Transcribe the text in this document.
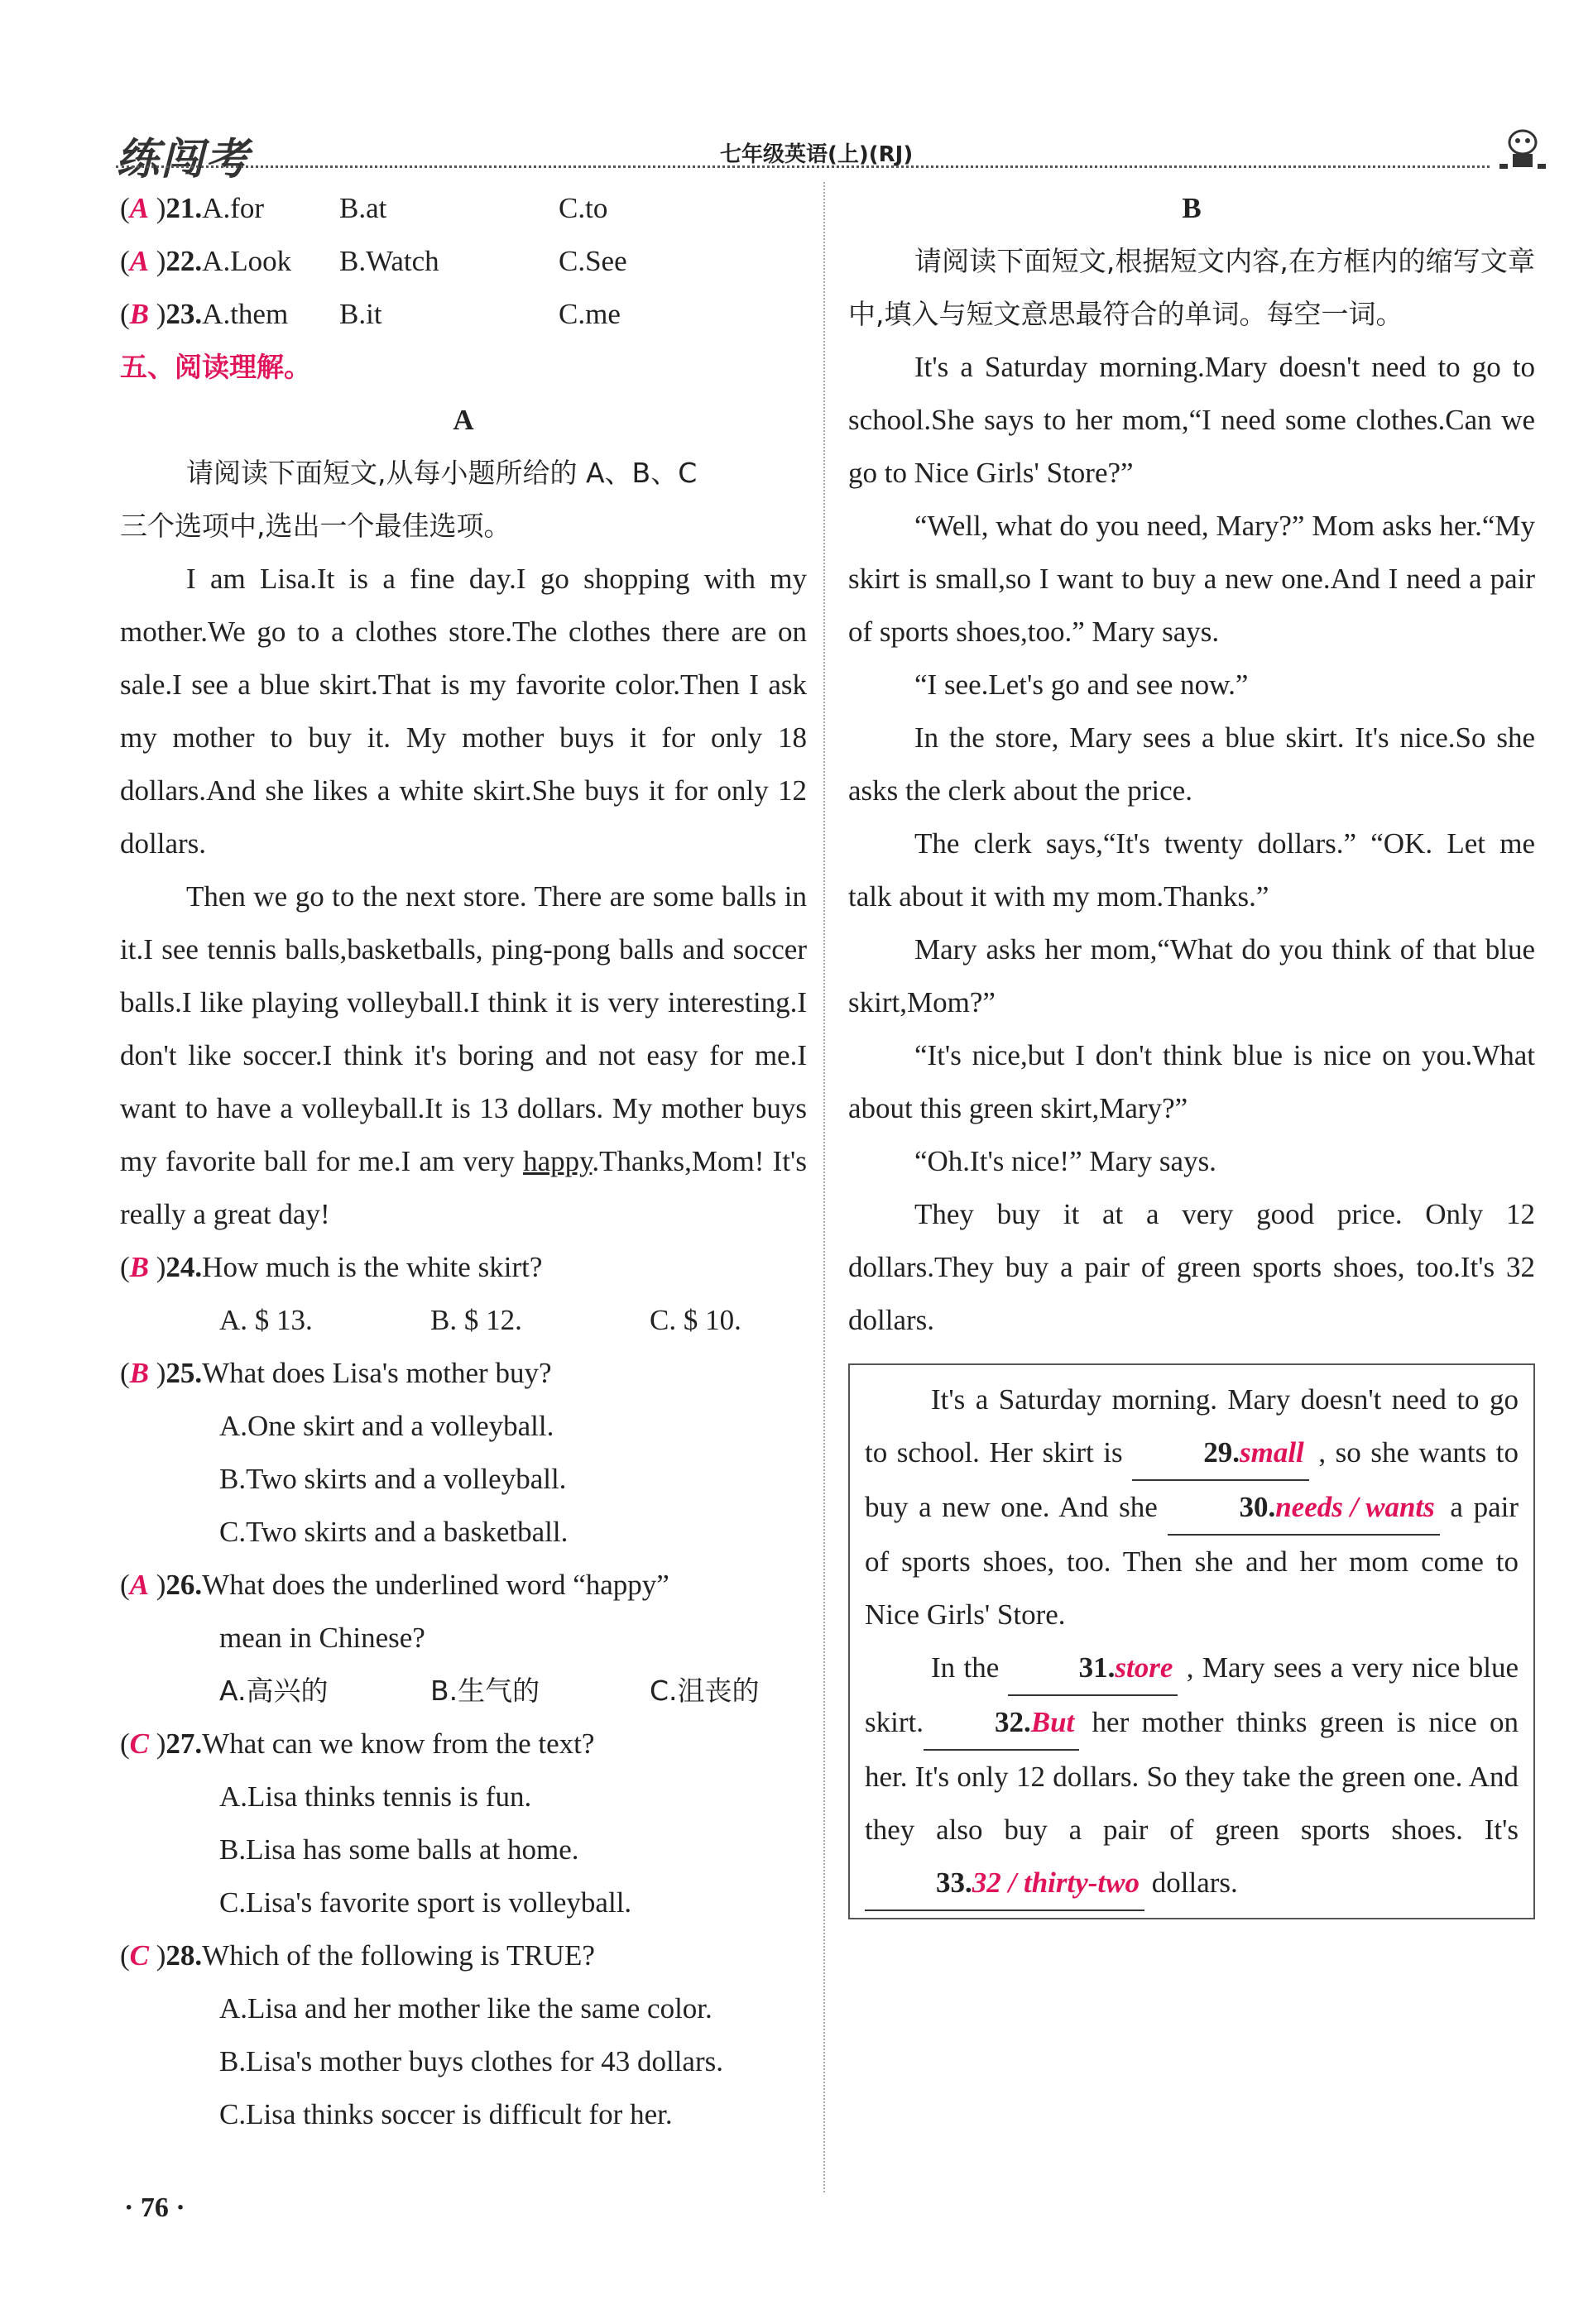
练闯考	七年级英语(上)(RJ)
(A )21.A.for	B.at	C.to
(A )22.A.Look	B.Watch	C.See
(B )23.A.them	B.it	C.me
五、阅读理解。
A
请阅读下面短文,从每小题所给的 A、B、C
三个选项中,选出一个最佳选项。
I am Lisa.It is a fine day.I go shopping with my mother.We go to a clothes store.The clothes there are on sale.I see a blue skirt.That is my favorite color.Then I ask my mother to buy it. My mother buys it for only 18 dollars.And she likes a white skirt.She buys it for only 12 dollars.
Then we go to the next store. There are some balls in it.I see tennis balls,basketballs, ping-pong balls and soccer balls.I like playing volleyball.I think it is very interesting.I don't like soccer.I think it's boring and not easy for me.I want to have a volleyball.It is 13 dollars. My mother buys my favorite ball for me.I am very happy.Thanks,Mom! It's really a great day!
(B )24.How much is the white skirt?
A. $ 13.	B. $ 12.	C. $ 10.
(B )25.What does Lisa's mother buy?
A.One skirt and a volleyball.
B.Two skirts and a volleyball.
C.Two skirts and a basketball.
(A )26.What does the underlined word “happy”
mean in Chinese?
A.高兴的	B.生气的	C.沮丧的
(C )27.What can we know from the text?
A.Lisa thinks tennis is fun.
B.Lisa has some balls at home.
C.Lisa's favorite sport is volleyball.
(C )28.Which of the following is TRUE?
A.Lisa and her mother like the same color.
B.Lisa's mother buys clothes for 43 dollars.
C.Lisa thinks soccer is difficult for her.
B
请阅读下面短文,根据短文内容,在方框内的缩写文章中,填入与短文意思最符合的单词。每空一词。
It's a Saturday morning.Mary doesn't need to go to school.She says to her mom,“I need some clothes.Can we go to Nice Girls' Store?”
“Well, what do you need, Mary?” Mom asks her.“My skirt is small,so I want to buy a new one.And I need a pair of sports shoes,too.” Mary says.
“I see.Let's go and see now.”
In the store, Mary sees a blue skirt. It's nice.So she asks the clerk about the price.
The clerk says,“It's twenty dollars.” “OK. Let me talk about it with my mom.Thanks.”
Mary asks her mom,“What do you think of that blue skirt,Mom?”
“It's nice,but I don't think blue is nice on you.What about this green skirt,Mary?”
“Oh.It's nice!” Mary says.
They buy it at a very good price. Only 12 dollars.They buy a pair of green sports shoes, too.It's 32 dollars.
It's a Saturday morning. Mary doesn't need to go to school. Her skirt is 29.small , so she wants to buy a new one. And she 30.needs / wants a pair of sports shoes, too. Then she and her mom come to Nice Girls' Store.
In the 31.store , Mary sees a very nice blue skirt. 32.But her mother thinks green is nice on her. It's only 12 dollars. So they take the green one. And they also buy a pair of green sports shoes. It's 33.32 / thirty-two dollars.
· 76 ·
